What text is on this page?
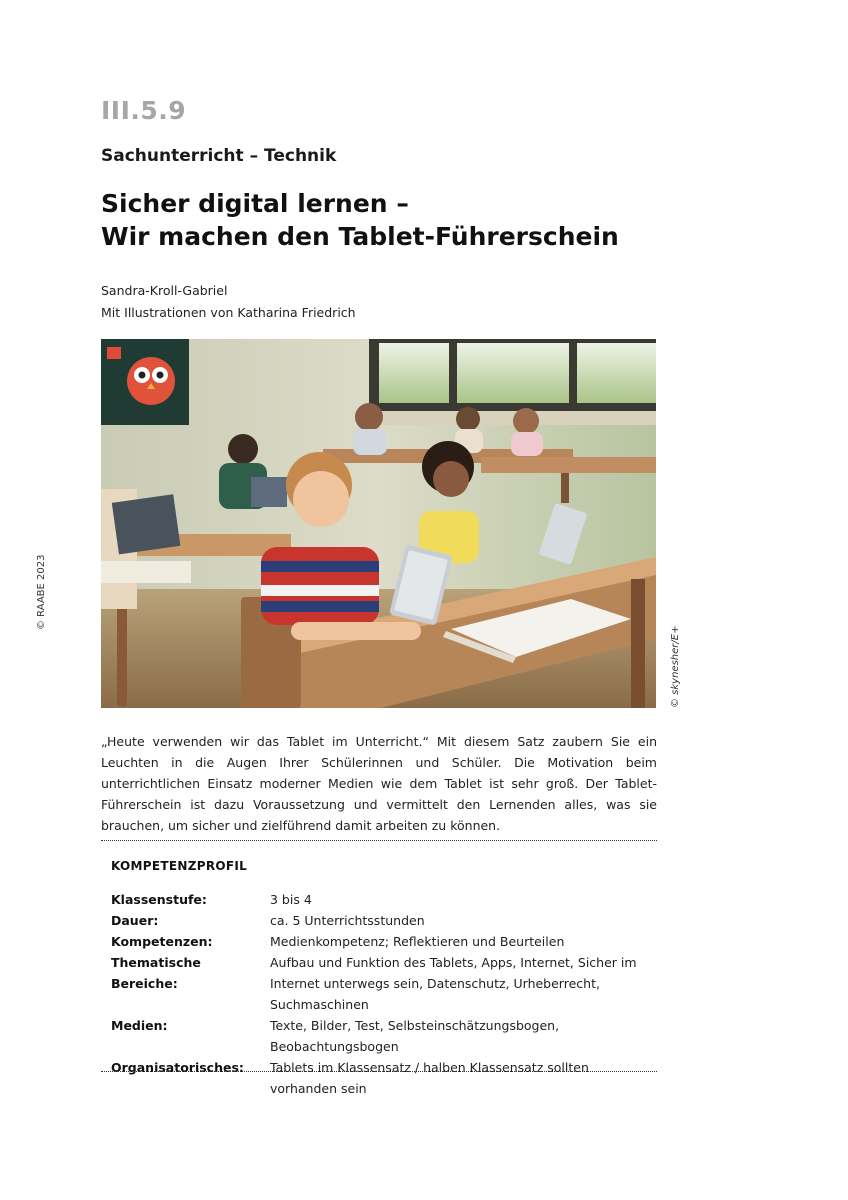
III.5.9
Sachunterricht – Technik
Sicher digital lernen –
Wir machen den Tablet-Führerschein
Sandra-Kroll-Gabriel
Mit Illustrationen von Katharina Friedrich
© skynesher/E+
© RAABE 2023
„Heute verwenden wir das Tablet im Unterricht.“ Mit diesem Satz zaubern Sie ein Leuchten in die Augen Ihrer Schülerinnen und Schüler. Die Motivation beim unterrichtlichen Einsatz moderner Medien wie dem Tablet ist sehr groß. Der Tablet-Führerschein ist dazu Voraussetzung und vermittelt den Lernenden alles, was sie brauchen, um sicher und zielführend damit arbeiten zu können.
KOMPETENZPROFIL
Klassenstufe:	3 bis 4
Dauer:	ca. 5 Unterrichtsstunden
Kompetenzen:	Medienkompetenz; Reflektieren und Beurteilen
Thematische Bereiche:
Aufbau und Funktion des Tablets, Apps, Internet, Sicher im Internet unterwegs sein, Datenschutz, Urheberrecht, Suchmaschinen
Medien:	Texte, Bilder, Test, Selbsteinschätzungsbogen, Beobachtungsbogen
Organisatorisches:	Tablets im Klassensatz / halben Klassensatz sollten vorhanden sein
